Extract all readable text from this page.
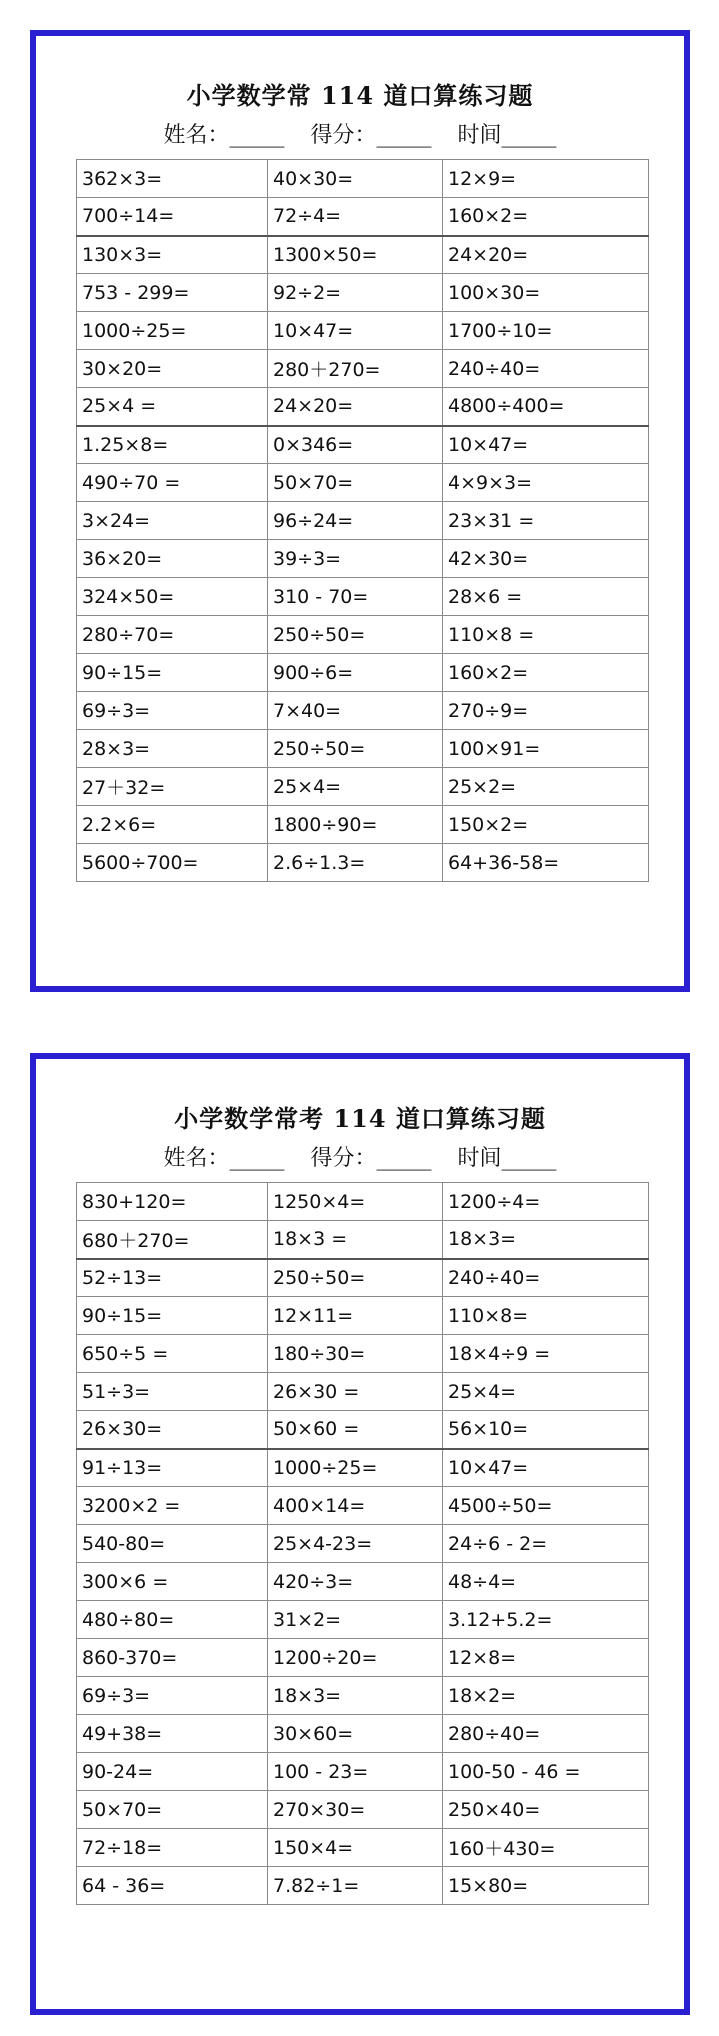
小学数学常 114 道口算练习题
姓名：_____ 得分：_____ 时间_____
362×3=	40×30=	12×9=
700÷14=	72÷4=	160×2=
130×3=	1300×50=	24×20=
753 - 299=	92÷2=	100×30=
1000÷25=	10×47=	1700÷10=
30×20=	280＋270=	240÷40=
25×4 =	24×20=	4800÷400=
1.25×8=	0×346=	10×47=
490÷70 =	50×70=	4×9×3=
3×24=	96÷24=	23×31 =
36×20=	39÷3=	42×30=
324×50=	310 - 70=	28×6 =
280÷70=	250÷50=	110×8 =
90÷15=	900÷6=	160×2=
69÷3=	7×40=	270÷9=
28×3=	250÷50=	100×91=
27＋32=	25×4=	25×2=
2.2×6=	1800÷90=	150×2=
5600÷700=	2.6÷1.3=	64+36-58=
小学数学常考 114 道口算练习题
姓名：_____ 得分：_____ 时间_____
830+120=	1250×4=	1200÷4=
680＋270=	18×3 =	18×3=
52÷13=	250÷50=	240÷40=
90÷15=	12×11=	110×8=
650÷5 =	180÷30=	18×4÷9 =
51÷3=	26×30 =	25×4=
26×30=	50×60 =	56×10=
91÷13=	1000÷25=	10×47=
3200×2 =	400×14=	4500÷50=
540-80=	25×4-23=	24÷6 - 2=
300×6 =	420÷3=	48÷4=
480÷80=	31×2=	3.12+5.2=
860-370=	1200÷20=	12×8=
69÷3=	18×3=	18×2=
49+38=	30×60=	280÷40=
90-24=	100 - 23=	100-50 - 46 =
50×70=	270×30=	250×40=
72÷18=	150×4=	160＋430=
64 - 36=	7.82÷1=	15×80=
